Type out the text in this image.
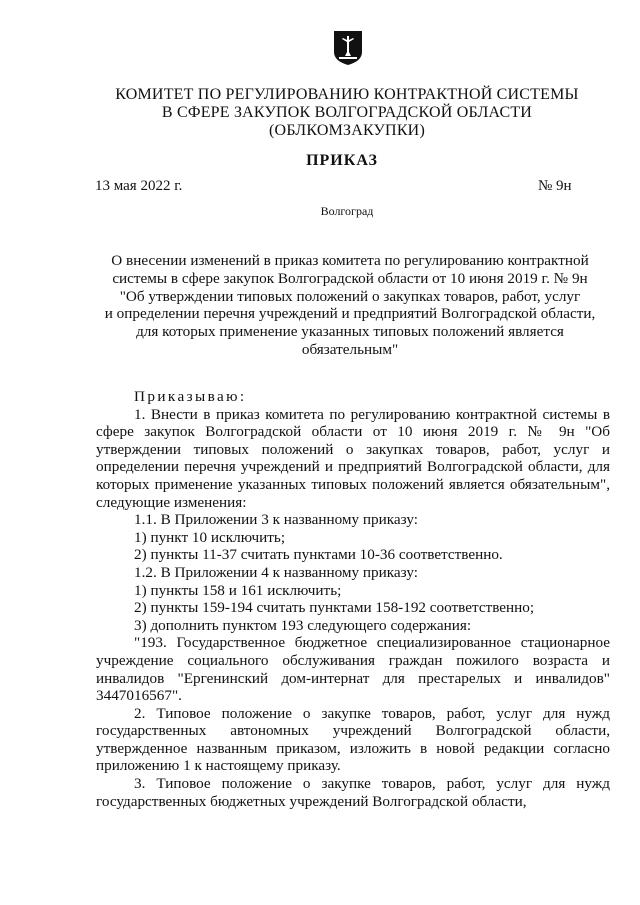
КОМИТЕТ ПО РЕГУЛИРОВАНИЮ КОНТРАКТНОЙ СИСТЕМЫ
В СФЕРЕ ЗАКУПОК ВОЛГОГРАДСКОЙ ОБЛАСТИ
(ОБЛКОМЗАКУПКИ)
ПРИКАЗ
13 мая 2022 г.	№ 9н
Волгоград
О внесении изменений в приказ комитета по регулированию контрактной
системы в сфере закупок Волгоградской области от 10 июня 2019 г. № 9н
"Об утверждении типовых положений о закупках товаров, работ, услуг
и определении перечня учреждений и предприятий Волгоградской области,
для которых применение указанных типовых положений является
обязательным"

Приказываю:

1. Внести в приказ комитета по регулированию контрактной системы в сфере закупок Волгоградской области от 10 июня 2019 г. № 9н "Об утверждении типовых положений о закупках товаров, работ, услуг и определении перечня учреждений и предприятий Волгоградской области, для которых применение указанных типовых положений является обязательным", следующие изменения:

1.1. В Приложении 3 к названному приказу:

1) пункт 10 исключить;

2) пункты 11-37 считать пунктами 10-36 соответственно.

1.2. В Приложении 4 к названному приказу:

1) пункты 158 и 161 исключить;

2) пункты 159-194 считать пунктами 158-192 соответственно;

3) дополнить пунктом 193 следующего содержания:

"193. Государственное бюджетное специализированное стационарное учреждение социального обслуживания граждан пожилого возраста и инвалидов "Ергенинский дом-интернат для престарелых и инвалидов" 3447016567".

2. Типовое положение о закупке товаров, работ, услуг для нужд государственных автономных учреждений Волгоградской области, утвержденное названным приказом, изложить в новой редакции согласно приложению 1 к настоящему приказу.

3. Типовое положение о закупке товаров, работ, услуг для нужд государственных бюджетных учреждений Волгоградской области,
